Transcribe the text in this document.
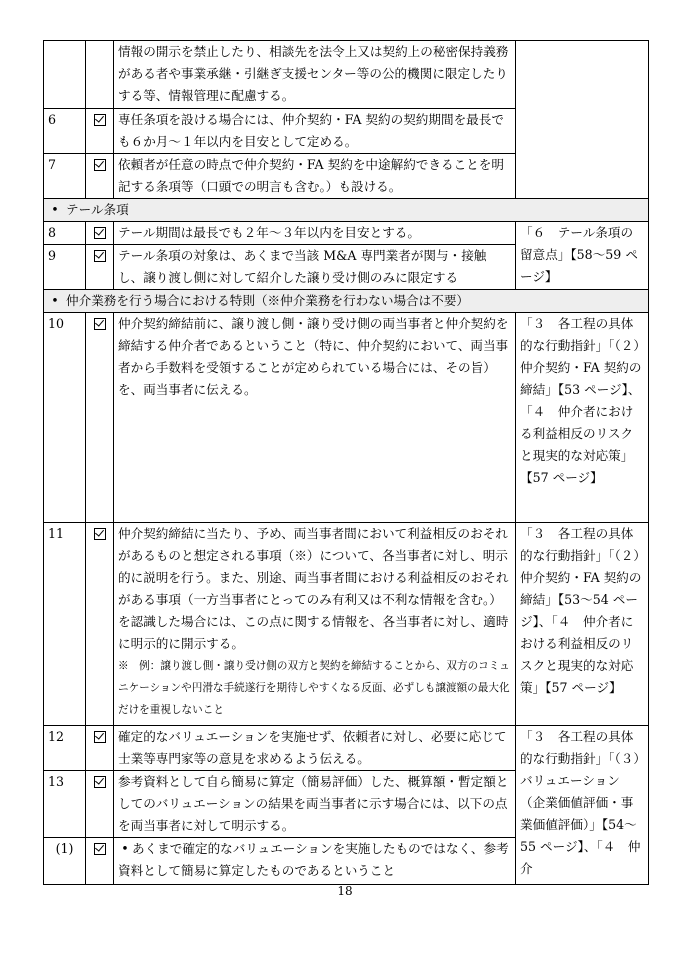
		情報の開示を禁止したり、相談先を法令上又は契約上の秘密保持義務がある者や事業承継・引継ぎ支援センター等の公的機関に限定したりする等、情報管理に配慮する。	
6		専任条項を設ける場合には、仲介契約・FA 契約の契約期間を最長でも６か月～１年以内を目安として定める。	
7		依頼者が任意の時点で仲介契約・FA 契約を中途解約できることを明記する条項等（口頭での明言も含む。）も設ける。	
• テール条項			
8		テール期間は最長でも２年～３年以内を目安とする。	「６　テール条項の留意点」【58～59 ページ】
9		テール条項の対象は、あくまで当該 M&A 専門業者が関与・接触し、譲り渡し側に対して紹介した譲り受け側のみに限定する	
• 仲介業務を行う場合における特則（※仲介業務を行わない場合は不要）			
10		仲介契約締結前に、譲り渡し側・譲り受け側の両当事者と仲介契約を締結する仲介者であるということ（特に、仲介契約において、両当事者から手数料を受領することが定められている場合には、その旨）を、両当事者に伝える。	「３　各工程の具体的な行動指針」「（２）仲介契約・FA 契約の締結」【53 ページ】、「４　仲介者における利益相反のリスクと現実的な対応策」【57 ページ】
11		仲介契約締結に当たり、予め、両当事者間において利益相反のおそれがあるものと想定される事項（※）について、各当事者に対し、明示的に説明を行う。また、別途、両当事者間における利益相反のおそれがある事項（一方当事者にとってのみ有利又は不利な情報を含む。）を認識した場合には、この点に関する情報を、各当事者に対し、適時に明示的に開示する。
※　例：譲り渡し側・譲り受け側の双方と契約を締結することから、双方のコミュニケーションや円滑な手続遂行を期待しやすくなる反面、必ずしも譲渡額の最大化だけを重視しないこと	「３　各工程の具体的な行動指針」「（２）仲介契約・FA 契約の締結」【53～54 ページ】、「４　仲介者における利益相反のリスクと現実的な対応策」【57 ページ】
12		確定的なバリュエーションを実施せず、依頼者に対し、必要に応じて士業等専門家等の意見を求めるよう伝える。	「３　各工程の具体的な行動指針」「（３）バリュエーション（企業価値評価・事業価値評価）」【54～55 ページ】、「４　仲介
13		参考資料として自ら簡易に算定（簡易評価）した、概算額・暫定額としてのバリュエーションの結果を両当事者に示す場合には、以下の点を両当事者に対して明示する。	
(1)		• あくまで確定的なバリュエーションを実施したものではなく、参考資料として簡易に算定したものであるということ	
18
